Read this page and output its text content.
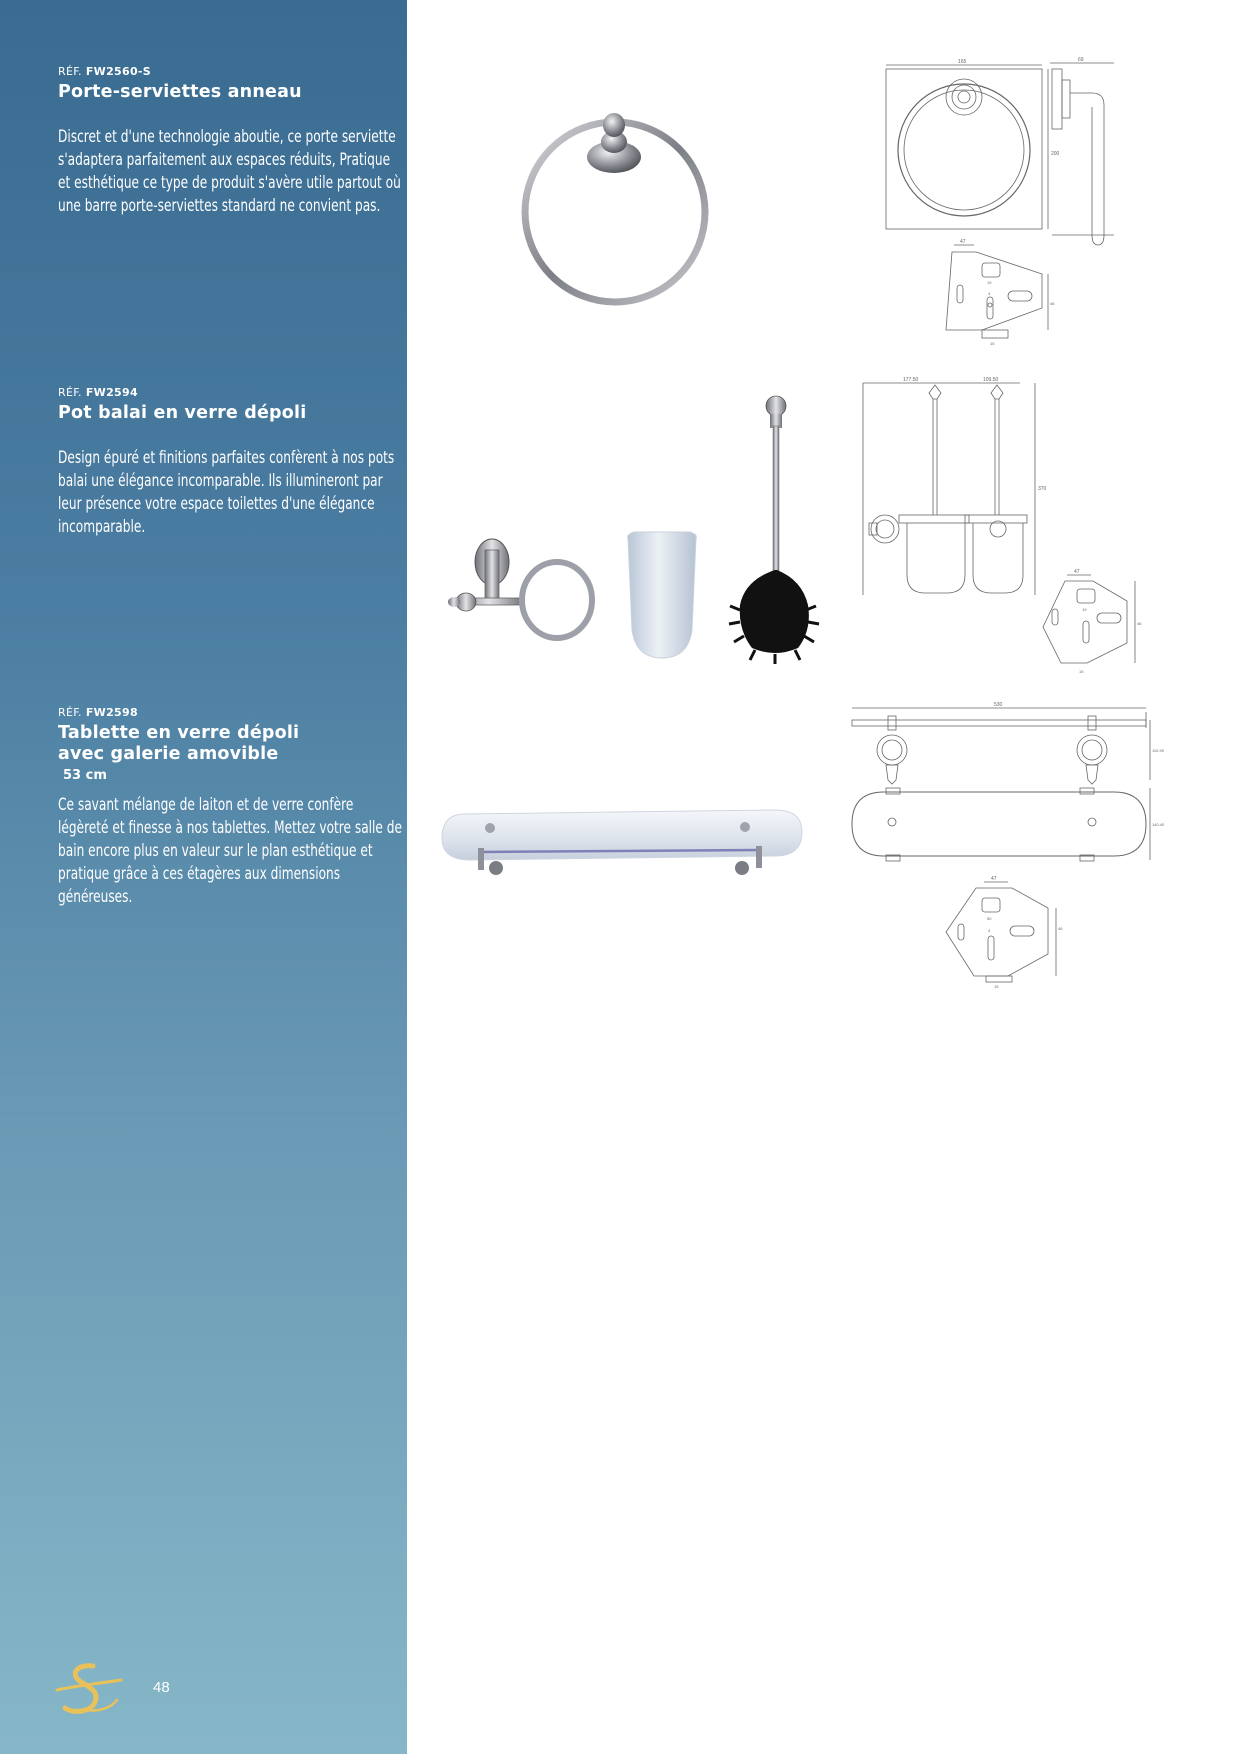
RÉF. FW2560-S
Porte-serviettes anneau
Discret et d'une technologie aboutie, ce porte serviette s'adaptera parfaitement aux espaces réduits, Pratique et esthétique ce type de produit s'avère utile partout où une barre porte-serviettes standard ne convient pas.
RÉF. FW2594
Pot balai en verre dépoli
Design épuré et finitions parfaites confèrent à nos pots balai une élégance incomparable. Ils illumineront par leur présence votre espace toilettes d'une élégance incomparable.
RÉF. FW2598
Tablette en verre dépoli
avec galerie amovible
53 cm
Ce savant mélange de laiton et de verre confère légèreté et finesse à nos tablettes. Mettez votre salle de bain encore plus en valeur sur le plan esthétique et pratique grâce à ces étagères aux dimensions généreuses.
48
165
200
69
47
19
4
46
15
177.50	109.50
370
47
19
46
15
530
110.90
140.40
47
50
4	46
15
